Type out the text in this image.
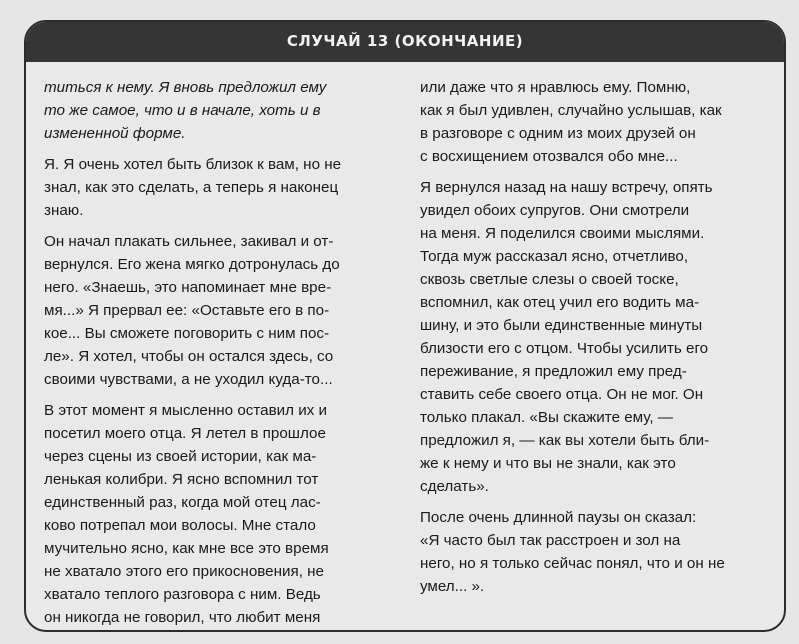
СЛУЧАЙ 13 (ОКОНЧАНИЕ)

титься к нему. Я вновь предложил ему
то же самое, что и в начале, хоть и в
измененной форме.

Я. Я очень хотел быть близок к вам, но не
знал, как это сделать, а теперь я наконец
знаю.

Он начал плакать сильнее, закивал и от-
вернулся. Его жена мягко дотронулась до
него. «Знаешь, это напоминает мне вре-
мя...» Я прервал ее: «Оставьте его в по-
кое... Вы сможете поговорить с ним пос-
ле». Я хотел, чтобы он остался здесь, со
своими чувствами, а не уходил куда-то...

В этот момент я мысленно оставил их и
посетил моего отца. Я летел в прошлое
через сцены из своей истории, как ма-
ленькая колибри. Я ясно вспомнил тот
единственный раз, когда мой отец лас-
ково потрепал мои волосы. Мне стало
мучительно ясно, как мне все это время
не хватало этого его прикосновения, не
хватало теплого разговора с ним. Ведь
он никогда не говорил, что любит меня

или даже что я нравлюсь ему. Помню,
как я был удивлен, случайно услышав, как
в разговоре с одним из моих друзей он
с восхищением отозвался обо мне...

Я вернулся назад на нашу встречу, опять
увидел обоих супругов. Они смотрели
на меня. Я поделился своими мыслями.
Тогда муж рассказал ясно, отчетливо,
сквозь светлые слезы о своей тоске,
вспомнил, как отец учил его водить ма-
шину, и это были единственные минуты
близости его с отцом. Чтобы усилить его
переживание, я предложил ему пред-
ставить себе своего отца. Он не мог. Он
только плакал. «Вы скажите ему, —
предложил я, — как вы хотели быть бли-
же к нему и что вы не знали, как это
сделать».

После очень длинной паузы он сказал:
«Я часто был так расстроен и зол на
него, но я только сейчас понял, что и он не
умел... ».
